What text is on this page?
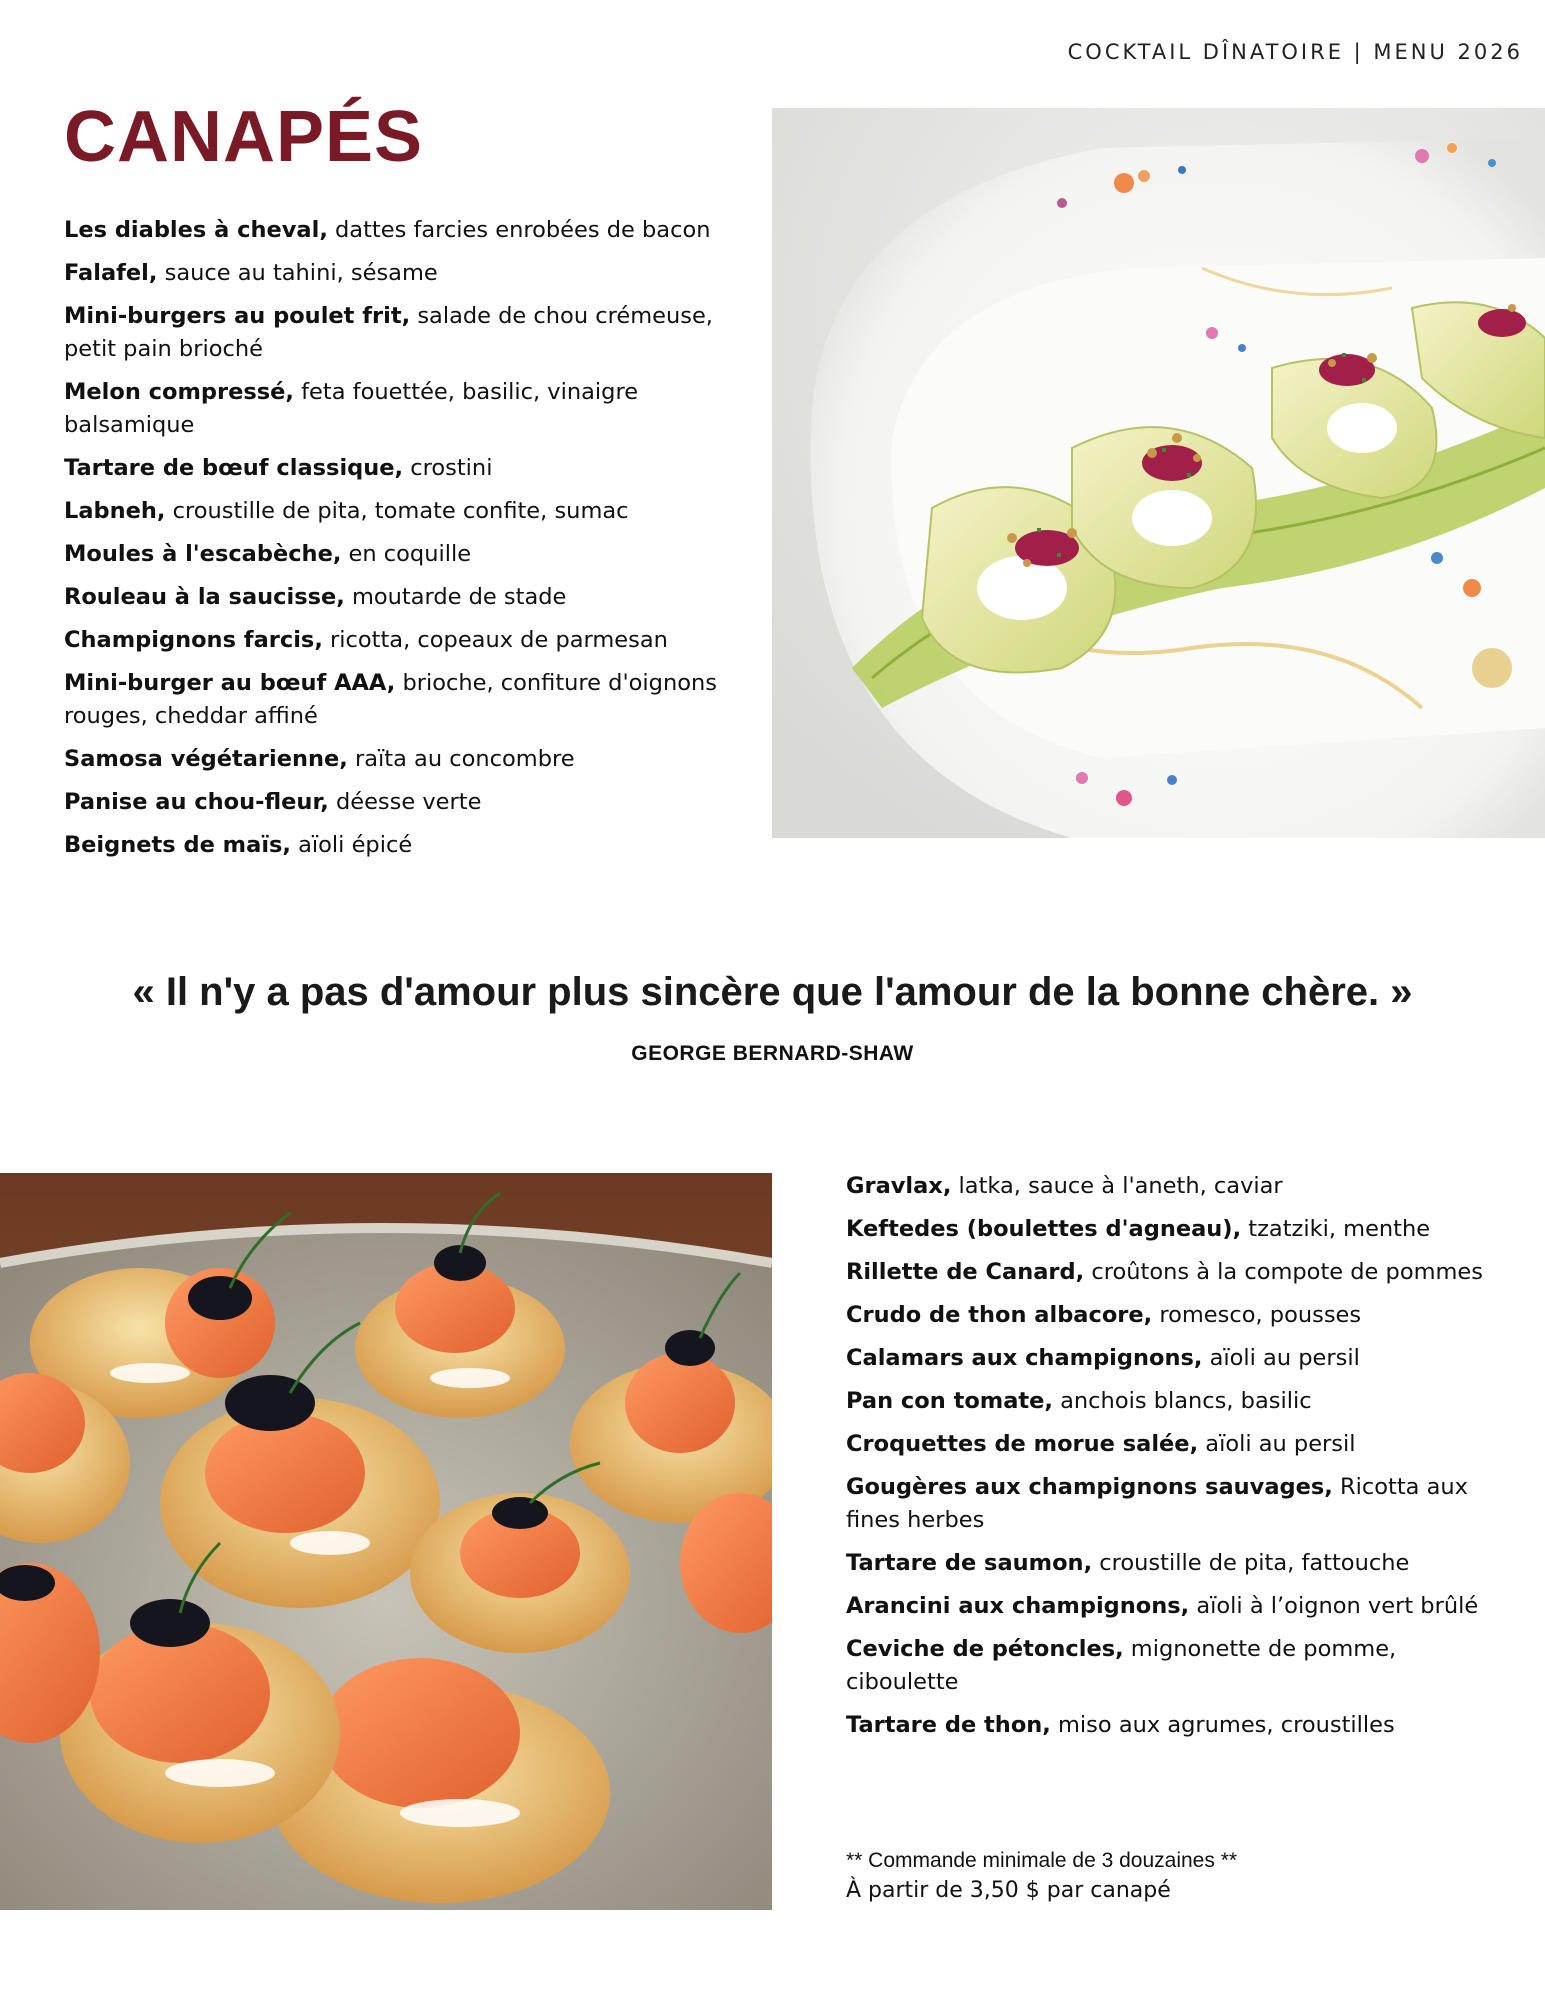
COCKTAIL DÎNATOIRE | MENU 2026
CANAPÉS
Les diables à cheval, dattes farcies enrobées de bacon
Falafel, sauce au tahini, sésame
Mini-burgers au poulet frit, salade de chou crémeuse, petit pain brioché
Melon compressé, feta fouettée, basilic, vinaigre balsamique
Tartare de bœuf classique, crostini
Labneh, croustille de pita, tomate confite, sumac
Moules à l'escabèche, en coquille
Rouleau à la saucisse, moutarde de stade
Champignons farcis, ricotta, copeaux de parmesan
Mini-burger au bœuf AAA, brioche, confiture d'oignons rouges, cheddar affiné
Samosa végétarienne, raïta au concombre
Panise au chou-fleur, déesse verte
Beignets de maïs, aïoli épicé
« Il n'y a pas d'amour plus sincère que l'amour de la bonne chère. »
GEORGE BERNARD-SHAW
Gravlax, latka, sauce à l'aneth, caviar
Keftedes (boulettes d'agneau), tzatziki, menthe
Rillette de Canard, croûtons à la compote de pommes
Crudo de thon albacore, romesco, pousses
Calamars aux champignons, aïoli au persil
Pan con tomate, anchois blancs, basilic
Croquettes de morue salée, aïoli au persil
Gougères aux champignons sauvages, Ricotta aux fines herbes
Tartare de saumon, croustille de pita, fattouche
Arancini aux champignons, aïoli à l’oignon vert brûlé
Ceviche de pétoncles, mignonette de pomme, ciboulette
Tartare de thon, miso aux agrumes, croustilles
** Commande minimale de 3 douzaines **
À partir de 3,50 $ par canapé
